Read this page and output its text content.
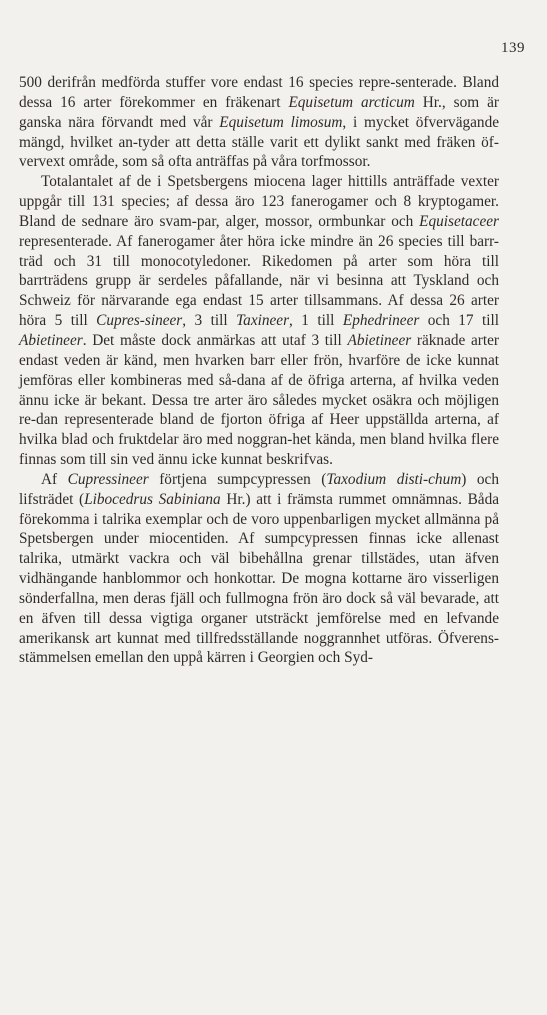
139

500 derifrån medförda stuffer vore endast 16 species repre-senterade. Bland dessa 16 arter förekommer en fräkenart Equisetum arcticum Hr., som är ganska nära förvandt med vår Equisetum limosum, i mycket öfvervägande mängd, hvilket an-tyder att detta ställe varit ett dylikt sankt med fräken öf-vervext område, som så ofta anträffas på våra torfmossor.

Totalantalet af de i Spetsbergens miocena lager hittills anträffade vexter uppgår till 131 species; af dessa äro 123 fanerogamer och 8 kryptogamer. Bland de sednare äro svam-par, alger, mossor, ormbunkar och Equisetaceer representerade. Af fanerogamer åter höra icke mindre än 26 species till barr-träd och 31 till monocotyledoner. Rikedomen på arter som höra till barrträdens grupp är serdeles påfallande, när vi besinna att Tyskland och Schweiz för närvarande ega endast 15 arter tillsammans. Af dessa 26 arter höra 5 till Cupres-sineer, 3 till Taxineer, 1 till Ephedrineer och 17 till Abietineer. Det måste dock anmärkas att utaf 3 till Abietineer räknade arter endast veden är känd, men hvarken barr eller frön, hvarföre de icke kunnat jemföras eller kombineras med så-dana af de öfriga arterna, af hvilka veden ännu icke är bekant. Dessa tre arter äro således mycket osäkra och möjligen re-dan representerade bland de fjorton öfriga af Heer uppställda arterna, af hvilka blad och fruktdelar äro med noggran-het kända, men bland hvilka flere finnas som till sin ved ännu icke kunnat beskrifvas.

Af Cupressineer förtjena sumpcypressen (Taxodium disti-chum) och lifsträdet (Libocedrus Sabiniana Hr.) att i främsta rummet omnämnas. Båda förekomma i talrika exemplar och de voro uppenbarligen mycket allmänna på Spetsbergen under miocentiden. Af sumpcypressen finnas icke allenast talrika, utmärkt vackra och väl bibehållna grenar tillstädes, utan äfven vidhängande hanblommor och honkottar. De mogna kottarne äro visserligen sönderfallna, men deras fjäll och fullmogna frön äro dock så väl bevarade, att en äfven till dessa vigtiga organer utsträckt jemförelse med en lefvande amerikansk art kunnat med tillfredsställande noggrannhet utföras. Öfverens-stämmelsen emellan den uppå kärren i Georgien och Syd-
